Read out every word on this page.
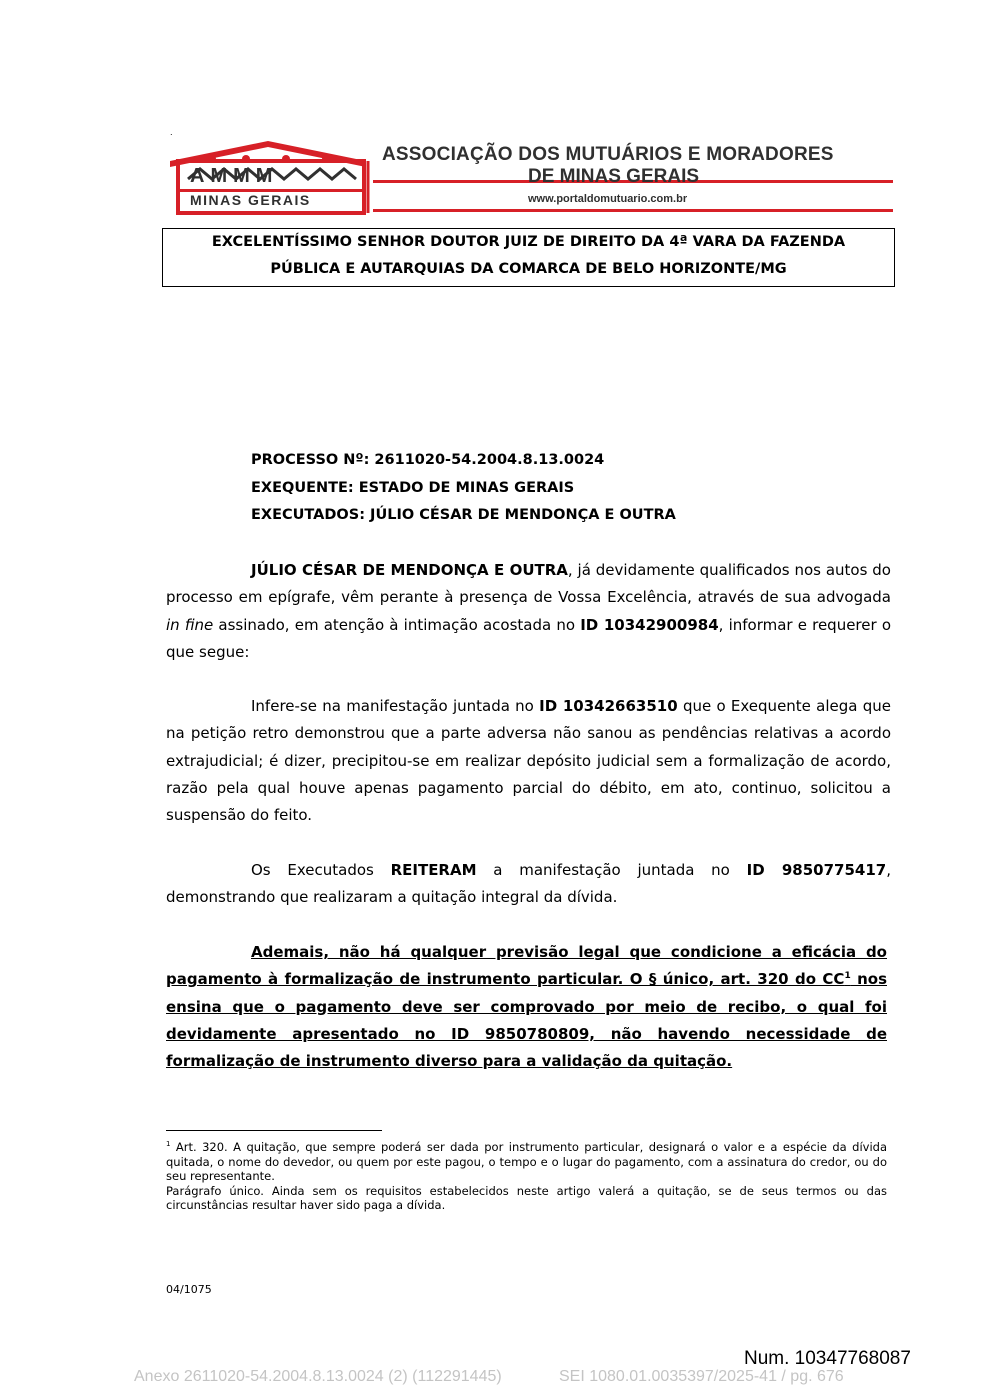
.
AMMM
MINAS GERAIS
ASSOCIAÇÃO DOS MUTUÁRIOS E MORADORES
DE MINAS GERAIS
www.portaldomutuario.com.br
EXCELENTÍSSIMO SENHOR DOUTOR JUIZ DE DIREITO DA 4ª VARA DA FAZENDA
PÚBLICA E AUTARQUIAS DA COMARCA DE BELO HORIZONTE/MG
PROCESSO Nº: 2611020-54.2004.8.13.0024
EXEQUENTE: ESTADO DE MINAS GERAIS
EXECUTADOS: JÚLIO CÉSAR DE MENDONÇA E OUTRA

JÚLIO CÉSAR DE MENDONÇA E OUTRA, já devidamente qualificados nos autos do processo em epígrafe, vêm perante à presença de Vossa Excelência, através de sua advogada in fine assinado, em atenção à intimação acostada no ID 10342900984, informar e requerer o que segue:

Infere-se na manifestação juntada no ID 10342663510 que o Exequente alega que na petição retro demonstrou que a parte adversa não sanou as pendências relativas a acordo extrajudicial; é dizer, precipitou-se em realizar depósito judicial sem a formalização de acordo, razão pela qual houve apenas pagamento parcial do débito, em ato, continuo, solicitou a suspensão do feito.

Os Executados REITERAM a manifestação juntada no ID 9850775417, demonstrando que realizaram a quitação integral da dívida.

Ademais, não há qualquer previsão legal que condicione a eficácia do pagamento à formalização de instrumento particular. O § único, art. 320 do $CC^1$ nos ensina que o pagamento deve ser comprovado por meio de recibo, o qual foi devidamente apresentado no ID 9850780809, não havendo necessidade de formalização de instrumento diverso para a validação da quitação.

$^1$ Art. 320. A quitação, que sempre poderá ser dada por instrumento particular, designará o valor e a espécie da dívida quitada, o nome do devedor, ou quem por este pagou, o tempo e o lugar do pagamento, com a assinatura do credor, ou do seu representante.

Parágrafo único. Ainda sem os requisitos estabelecidos neste artigo valerá a quitação, se de seus termos ou das circunstâncias resultar haver sido paga a dívida.

04/1075
Num. 10347768087
Anexo 2611020-54.2004.8.13.0024 (2) (112291445)	SEI 1080.01.0035397/2025-41 / pg. 676
